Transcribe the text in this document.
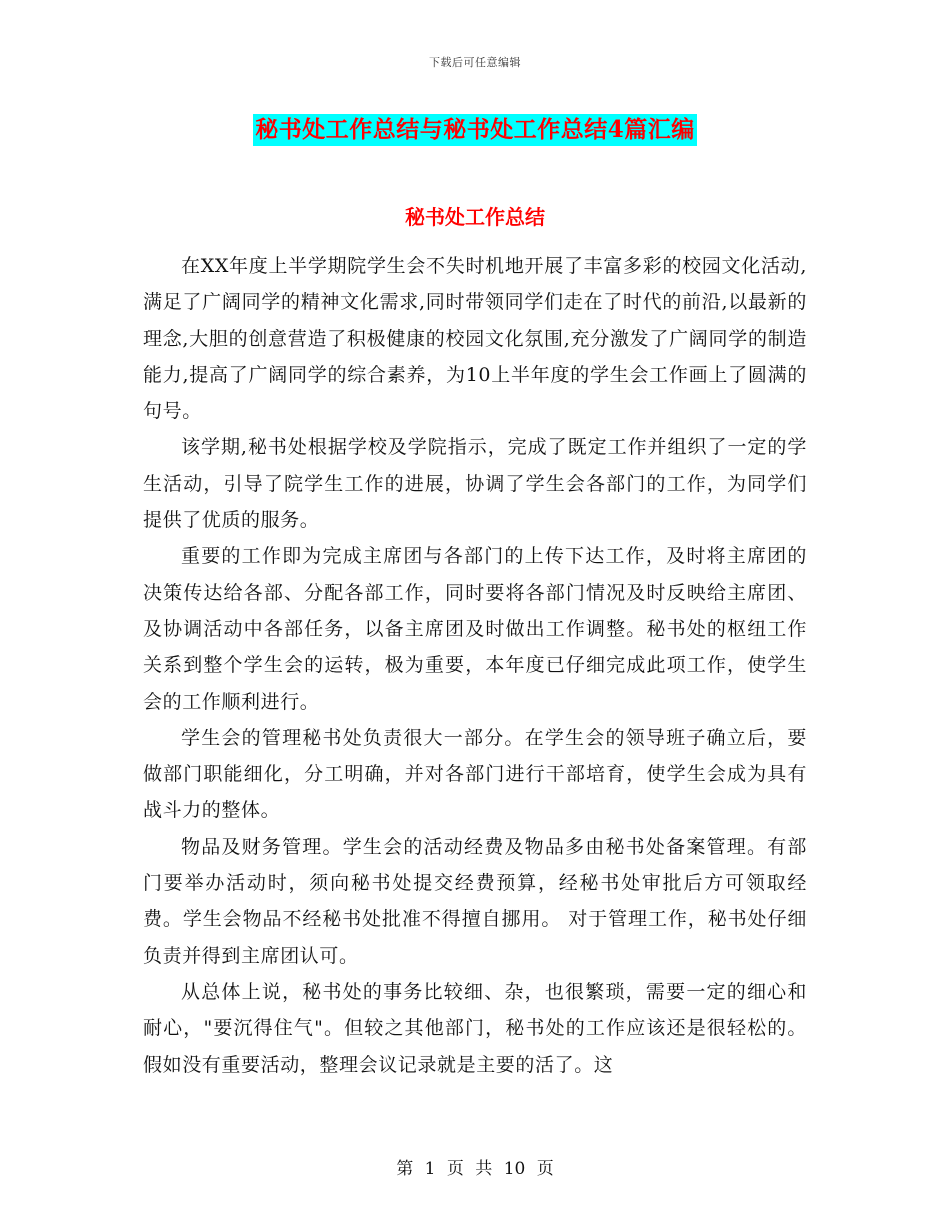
下载后可任意编辑
秘书处工作总结与秘书处工作总结4篇汇编
秘书处工作总结

在XX年度上半学期院学生会不失时机地开展了丰富多彩的校园文化活动,满足了广阔同学的精神文化需求,同时带领同学们走在了时代的前沿,以最新的理念,大胆的创意营造了积极健康的校园文化氛围,充分激发了广阔同学的制造能力,提高了广阔同学的综合素养，为10上半年度的学生会工作画上了圆满的句号。

该学期,秘书处根据学校及学院指示，完成了既定工作并组织了一定的学生活动，引导了院学生工作的进展，协调了学生会各部门的工作，为同学们提供了优质的服务。

重要的工作即为完成主席团与各部门的上传下达工作，及时将主席团的决策传达给各部、分配各部工作，同时要将各部门情况及时反映给主席团、及协调活动中各部任务，以备主席团及时做出工作调整。秘书处的枢纽工作关系到整个学生会的运转，极为重要，本年度已仔细完成此项工作，使学生会的工作顺利进行。

学生会的管理秘书处负责很大一部分。在学生会的领导班子确立后，要做部门职能细化，分工明确，并对各部门进行干部培育，使学生会成为具有战斗力的整体。

物品及财务管理。学生会的活动经费及物品多由秘书处备案管理。有部门要举办活动时，须向秘书处提交经费预算，经秘书处审批后方可领取经费。学生会物品不经秘书处批准不得擅自挪用。 对于管理工作，秘书处仔细负责并得到主席团认可。

从总体上说，秘书处的事务比较细、杂，也很繁琐，需要一定的细心和耐心，"要沉得住气"。但较之其他部门，秘书处的工作应该还是很轻松的。假如没有重要活动，整理会议记录就是主要的活了。这

第 1 页 共 10 页
